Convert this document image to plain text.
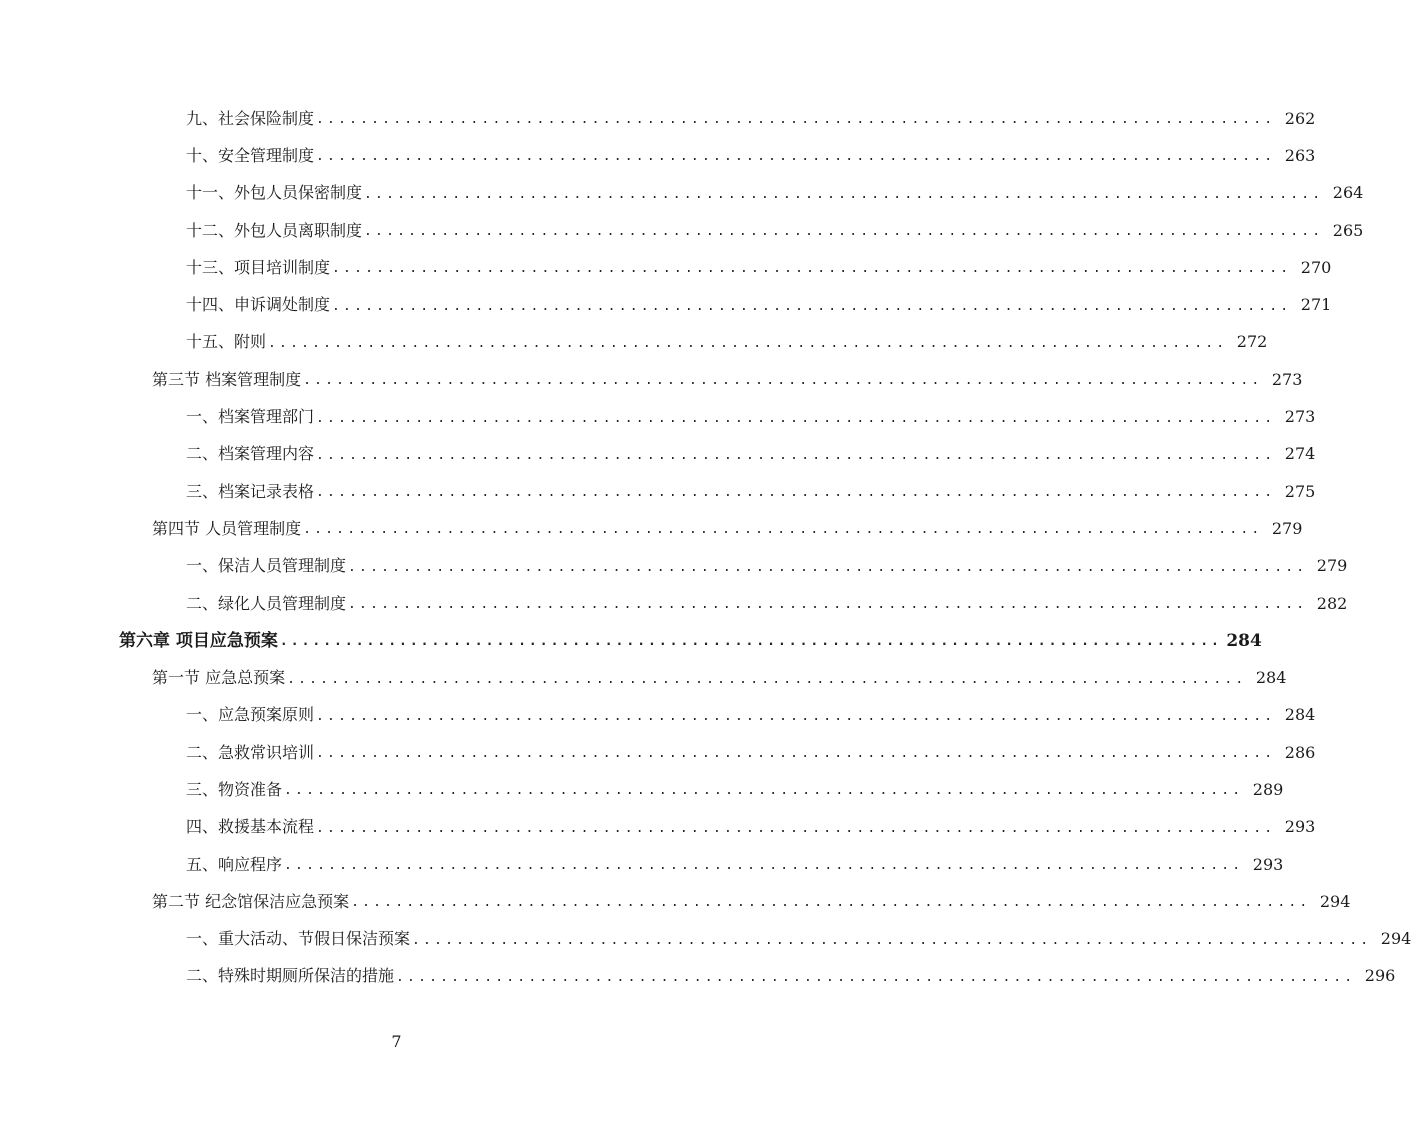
九、社会保险制度 ....................................................................................... 262
十、安全管理制度 ....................................................................................... 263
十一、外包人员保密制度 ....................................................................................... 264
十二、外包人员离职制度 ....................................................................................... 265
十三、项目培训制度 ....................................................................................... 270
十四、申诉调处制度 ....................................................................................... 271
十五、附则 ....................................................................................... 272
第三节 档案管理制度 ....................................................................................... 273
一、档案管理部门 ....................................................................................... 273
二、档案管理内容 ....................................................................................... 274
三、档案记录表格 ....................................................................................... 275
第四节 人员管理制度 ....................................................................................... 279
一、保洁人员管理制度 ....................................................................................... 279
二、绿化人员管理制度 ....................................................................................... 282
第六章 项目应急预案 ....................................................................................... 284
第一节 应急总预案 ....................................................................................... 284
一、应急预案原则 ....................................................................................... 284
二、急救常识培训 ....................................................................................... 286
三、物资准备 ....................................................................................... 289
四、救援基本流程 ....................................................................................... 293
五、响应程序 ....................................................................................... 293
第二节 纪念馆保洁应急预案 ....................................................................................... 294
一、重大活动、节假日保洁预案 ....................................................................................... 294
二、特殊时期厕所保洁的措施 ....................................................................................... 296
7
